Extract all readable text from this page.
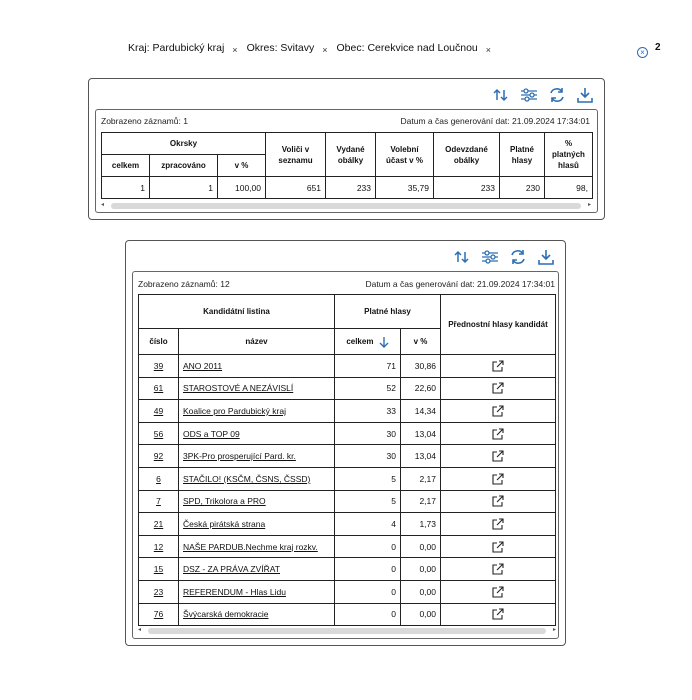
Kraj: Pardubický kraj × Okres: Svitavy × Obec: Cerekvice nad Loučnou ×	×	2
Zobrazeno záznamů: 1	Datum a čas generování dat: 21.09.2024 17:34:01
Okrsky			Voliči v seznamu	Vydané obálky	Volební účast v %	Odevzdané obálky	Platné hlasy	% platných hlasů
celkem	zpracováno	v %						
1	1	100,00	651	233	35,79	233	230	98,
◂	▸
Zobrazeno záznamů: 12	Datum a čas generování dat: 21.09.2024 17:34:01
Kandidátní listina		Platné hlasy		Přednostní hlasy kandidát
číslo	název	celkem	v %	
39	ANO 2011	71	30,86	
61	STAROSTOVÉ A NEZÁVISLÍ	52	22,60	
49	Koalice pro Pardubický kraj	33	14,34	
56	ODS a TOP 09	30	13,04	
92	3PK-Pro prosperující Pard. kr.	30	13,04	
6	STAČILO! (KSČM, ČSNS, ČSSD)	5	2,17	
7	SPD, Trikolora a PRO	5	2,17	
21	Česká pirátská strana	4	1,73	
12	NAŠE PARDUB.Nechme kraj rozkv.	0	0,00	
15	DSZ - ZA PRÁVA ZVÍŘAT	0	0,00	
23	REFERENDUM - Hlas Lidu	0	0,00	
76	Švýcarská demokracie	0	0,00	
◂	▸
